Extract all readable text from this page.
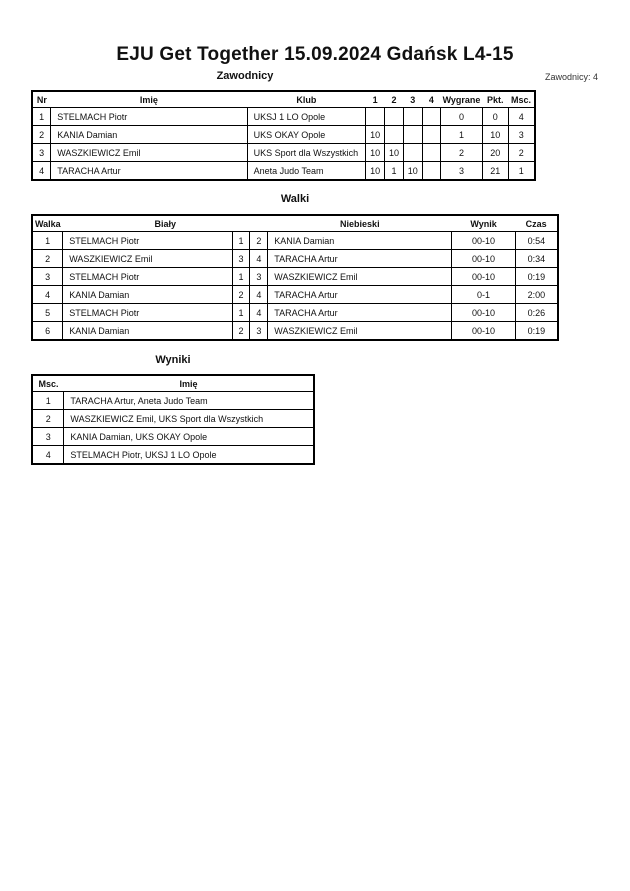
EJU Get Together 15.09.2024 Gdańsk L4-15
Zawodnicy	Zawodnicy: 4
Nr	Imię	Klub	1	2	3	4	Wygrane	Pkt.	Msc.
1	STELMACH Piotr	UKSJ 1 LO Opole					0	0	4
2	KANIA Damian	UKS OKAY Opole	10				1	10	3
3	WASZKIEWICZ Emil	UKS Sport dla Wszystkich	10	10			2	20	2
4	TARACHA Artur	Aneta Judo Team	10	1	10		3	21	1
Walki
Walka	Biały			Niebieski	Wynik	Czas
1	STELMACH Piotr	1	2	KANIA Damian	00-10	0:54
2	WASZKIEWICZ Emil	3	4	TARACHA Artur	00-10	0:34
3	STELMACH Piotr	1	3	WASZKIEWICZ Emil	00-10	0:19
4	KANIA Damian	2	4	TARACHA Artur	0-1	2:00
5	STELMACH Piotr	1	4	TARACHA Artur	00-10	0:26
6	KANIA Damian	2	3	WASZKIEWICZ Emil	00-10	0:19
Wyniki
Msc.	Imię
1	TARACHA Artur, Aneta Judo Team
2	WASZKIEWICZ Emil, UKS Sport dla Wszystkich
3	KANIA Damian, UKS OKAY Opole
4	STELMACH Piotr, UKSJ 1 LO Opole
